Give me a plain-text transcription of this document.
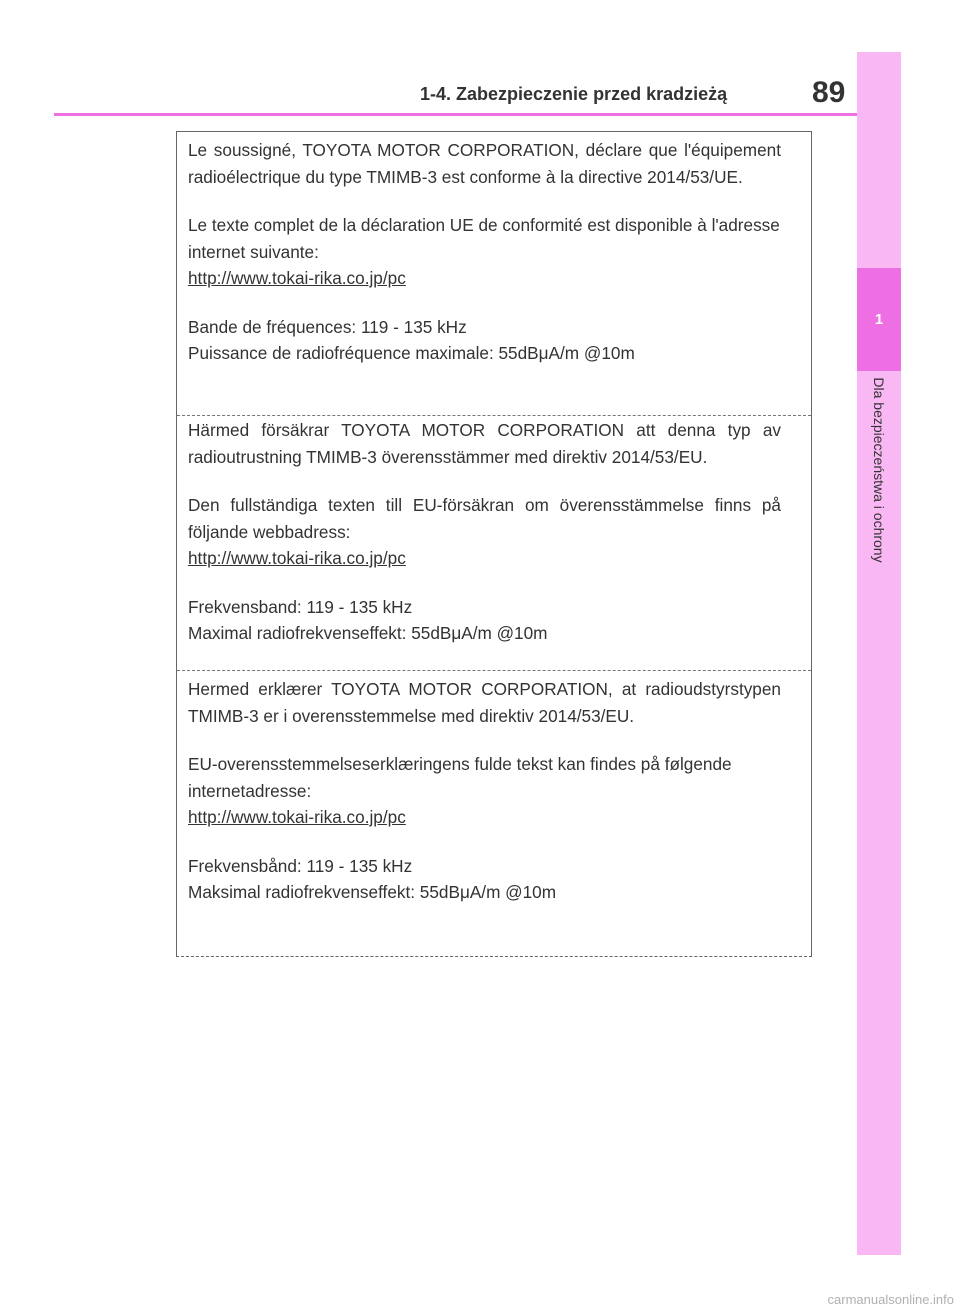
1
Dla bezpieczeństwa i ochrony
1-4. Zabezpieczenie przed kradzieżą	89

Le soussigné, TOYOTA MOTOR CORPORATION, déclare que l'équipement radioélectrique du type TMIMB-3 est conforme à la directive 2014/53/UE.

Le texte complet de la déclaration UE de conformité est disponible à l'adresse internet suivante:
http://www.tokai-rika.co.jp/pc

Bande de fréquences: 119 - 135 kHz
Puissance de radiofréquence maximale: 55dBμA/m @10m

Härmed försäkrar TOYOTA MOTOR CORPORATION att denna typ av radioutrustning TMIMB-3 överensstämmer med direktiv 2014/53/EU.

Den fullständiga texten till EU-försäkran om överensstämmelse finns på följande webbadress:
http://www.tokai-rika.co.jp/pc

Frekvensband: 119 - 135 kHz
Maximal radiofrekvenseffekt: 55dBμA/m @10m

Hermed erklærer TOYOTA MOTOR CORPORATION, at radioudstyrstypen TMIMB-3 er i overensstemmelse med direktiv 2014/53/EU.

EU-overensstemmelseserklæringens fulde tekst kan findes på følgende internetadresse:
http://www.tokai-rika.co.jp/pc

Frekvensbånd: 119 - 135 kHz
Maksimal radiofrekvenseffekt: 55dBμA/m @10m

carmanualsonline.info
